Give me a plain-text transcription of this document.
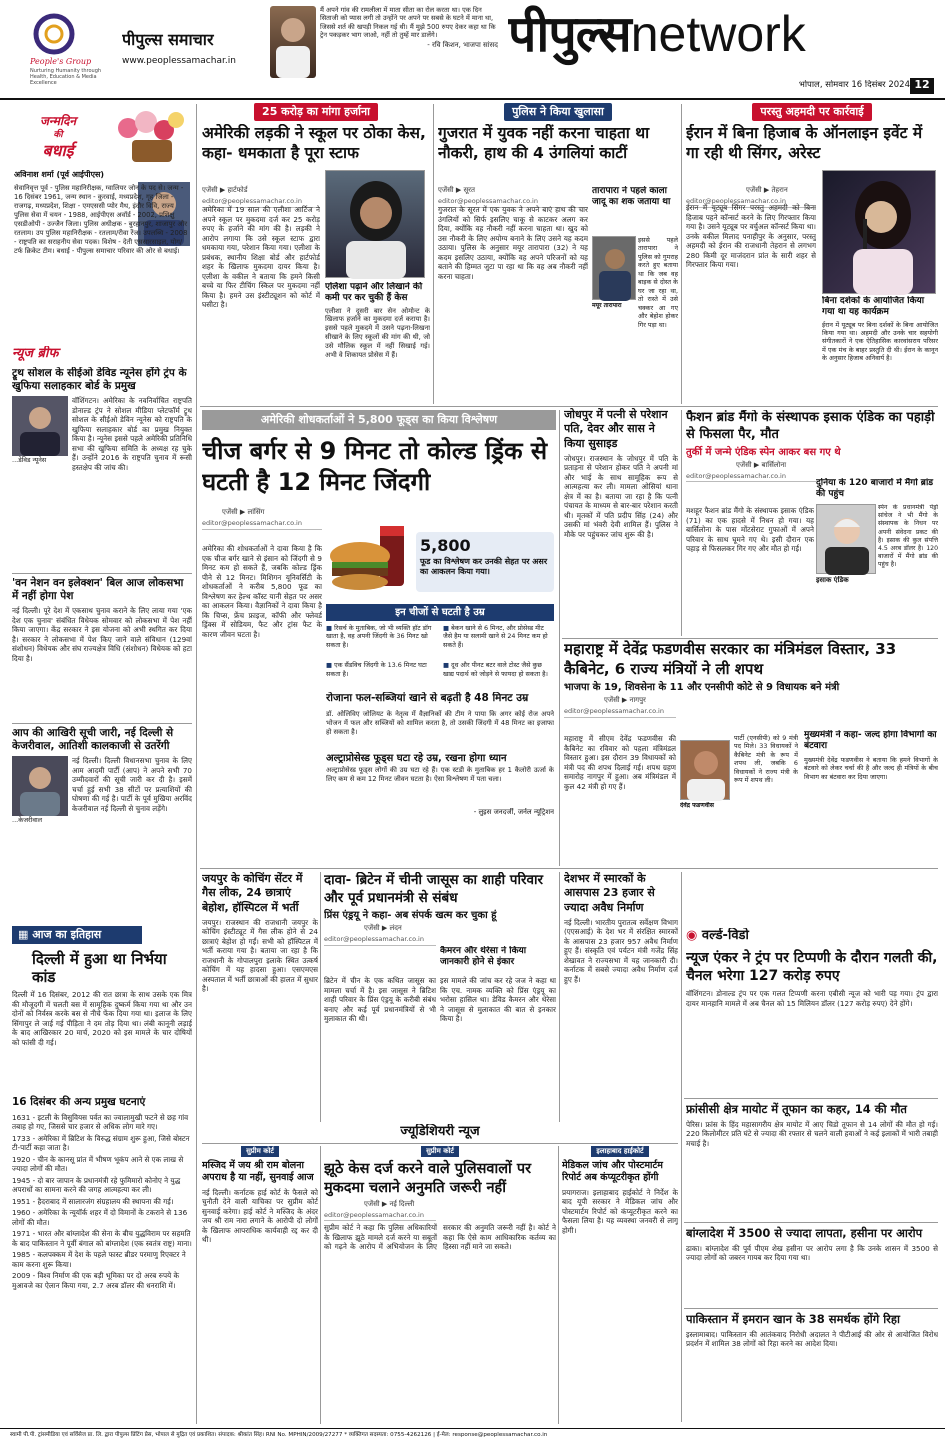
People's Group
Nurturing Humanity through Health, Education & Media Excellence
पीपुल्स समाचार
www.peoplessamachar.in
मैं अपने गांव की रामलीला में माता सीता का रोल करता था। एक दिन सिताजी को प्यास लगी तो उन्होंने पर अपने पर सबसे के घटने में माना था, जिससे शर्त की खपड़ी निकल गई थी। मैं मुझे 500 रुपए देकर कहा था कि ट्रेन पकड़कर भाग जाओ, नहीं तो तुम्हें मार डालेंगे।
- रवि किशन, भाजपा सांसद पीपुल्सnetwork
भोपाल, सोमवार 16 दिसंबर 2024 12
जन्मदिन
की
बधाई
अविनाश शर्मा (पूर्व आईपीएस)
सेवानिवृत्त पूर्व - पुलिस महानिरीक्षक, ग्वालियर जोन के पद से। जन्म - 16 दिसंबर 1961, जन्म स्थान - कुरवाई, मध्यप्रदेश, गृह जिला - राजगढ़, मध्यप्रदेश, शिक्षा - एमएससी प्योर मैथ, इंदौर विवि, राज्य पुलिस सेवा में चयन - 1988, आईपीएस अवॉर्ड - 2002, प्रशिक्षु एसडीओपी - उज्जैन जिला। पुलिस अधीक्षक - बुरहानपुर, शाजापुर और रतलाम। उप पुलिस महानिरीक्षक - रतलाम/रीवा रेंज। उपलब्धि - 2008 - राष्ट्रपति का सराहनीय सेवा पदक। विशेष - देती एससारसाइल, योग/ टर्फ क्रिकेट टीम। बधाई - पीपुल्स समाचार परिवार की ओर से बधाई।
न्यूज ब्रीफ
ट्रूथ सोशल के सीईओ डेविड न्यूनेस होंगे ट्रंप के खुफिया सलाहकार बोर्ड के प्रमुख
वॉशिंगटन। अमेरिका के नवनिर्वाचित राष्ट्रपति डोनाल्ड ट्रंप ने सोशल मीडिया प्लेटफॉर्म ट्रूथ सोशल के सीईओ डेविन न्यूनेस को राष्ट्रपति के खुफिया सलाहकार बोर्ड का प्रमुख नियुक्त किया है। न्यूनेस इससे पहले अमेरिकी प्रतिनिधि सभा की खुफिया समिति के अध्यक्ष रह चुके हैं। उन्होंने 2016 के राष्ट्रपति चुनाव में रूसी हस्तक्षेप की जांच की।
...डेविड न्यूनेस
'वन नेशन वन इलेक्शन' बिल आज लोकसभा में नहीं होगा पेश
नई दिल्ली। पूरे देश में एकसाथ चुनाव कराने के लिए लाया गया 'एक देश एक चुनाव' संबंधित विधेयक सोमवार को लोकसभा में पेश नहीं किया जाएगा। केंद्र सरकार ने इस योजना को अभी स्थगित कर दिया है। सरकार ने लोकसभा में पेश किए जाने वाले संविधान (129वां संशोधन) विधेयक और संघ राज्यक्षेत्र विधि (संशोधन) विधेयक को हटा दिया है।
आप की आखिरी सूची जारी, नई दिल्ली से केजरीवाल, आतिशी कालकाजी से उतरेंगी
...केजरीवाल
नई दिल्ली। दिल्ली विधानसभा चुनाव के लिए आम आदमी पार्टी (आप) ने अपने सभी 70 उम्मीदवारों की सूची जारी कर दी है। इसमें चर्चा हुई सभी 38 सीटों पर प्रत्याशियों की घोषणा की गई है। पार्टी के पूर्व मुखिया अरविंद केजरीवाल नई दिल्ली से चुनाव लड़ेंगे।
▦ आज का इतिहास
दिल्ली में हुआ था निर्भया कांड
दिल्ली में 16 दिसंबर, 2012 की रात छात्रा के साथ उसके एक मित्र की मौजूदगी में चलती बस में सामूहिक दुष्कर्म किया गया था और उन दोनों को निर्वस्त्र करके बस से नीचे फेंक दिया गया था। इलाज के लिए सिंगापुर ले जाई गई पीड़िता ने दम तोड़ दिया था। लंबी कानूनी लड़ाई के बाद आखिरकार 20 मार्च, 2020 को इस मामले के चार दोषियों को फांसी दी गई।
16 दिसंबर की अन्य प्रमुख घटनाएं
1631 - इटली के विसुवियस पर्वत का ज्वालामुखी फटने से छह गांव तबाह हो गए, जिससे चार हजार से अधिक लोग मारे गए।
1733 - अमेरिका में ब्रिटिश के विरुद्ध संग्राम शुरू हुआ, जिसे बोस्टन टी-पार्टी कहा जाता है।
1920 - चीन के कानसू प्रांत में भीषण भूकंप आने से एक लाख से ज्यादा लोगों की मौत।
1945 - दो बार जापान के प्रधानमंत्री रहे फुमिमारो कोनोए ने युद्ध अपराधों का सामना करने की जगह आत्महत्या कर ली।
1951 - हैदराबाद में सालारजंग संग्रहालय की स्थापना की गई।
1960 - अमेरिका के न्यूयॉर्क शहर में दो विमानों के टकराने से 136 लोगों की मौत।
1971 - भारत और बांग्लादेश की सेना के बीच युद्धविराम पर सहमति के बाद पाकिस्तान ने पूर्वी बंगाल को बांग्लादेश (एक स्वतंत्र राष्ट्र) माना।
1985 - कलपक्कम में देश के पहले फास्ट ब्रीडर परमाणु रिएक्टर ने काम करना शुरू किया।
2009 - विश्व निर्माण की एक बड़ी भूमिका पर दो अरब रुपये के मुआवजे का ऐलान किया गया, 2.7 अरब डॉलर की धनराशि में।
25 करोड़ का मांगा हर्जाना
अमेरिकी लड़की ने स्कूल पर ठोका केस, कहा- धमकाता है पूरा स्टाफ
एजेंसी ▶ हार्टफोर्ड
editor@peoplessamachar.co.in
अमेरिका में 19 साल की एलीशा आर्टिज ने अपने स्कूल पर मुकदमा दर्ज कर 25 करोड़ रुपए के हर्जाने की मांग की है। लड़की ने आरोप लगाया कि उसे स्कूल स्टाफ द्वारा धमकाया गया, परेशान किया गया। एलीशा के प्रबंधक, स्थानीय शिक्षा बोर्ड और हार्टफोर्ड शहर के खिलाफ मुकदमा दायर किया है। एलीशा के वकील ने बताया कि हमने किसी बच्चे या फिर टीचिंग स्किल पर मुकदमा नहीं किया है। हमने उस इंस्टीट्यूशन को कोर्ट में घसीटा है।
एलिशा पढ़ाने और लिखाने की कमी पर कर चुकी हैं केस
एलीशा ने दूसरी बार सेन ओमोन्ट के खिलाफ हर्जाने का मुकदमा दर्ज कराया है। इससे पहले मुकदमे में उसने पढ़ना-लिखना सीखाने के लिए स्कूलों की मांग की थी, जो उसे मौलिक स्कूल में नहीं सिखाई गई। अभी वे शिकायत प्रोसेस में हैं।
पुलिस ने किया खुलासा
गुजरात में युवक नहीं करना चाहता था नौकरी, हाथ की 4 उंगलियां काटीं
एजेंसी ▶ सूरत
editor@peoplessamachar.co.in
गुजरात के सूरत में एक युवक ने अपने बाएं हाथ की चार उंगलियों को सिर्फ इसलिए चाकू से काटकर अलग कर दिया, क्योंकि वह नौकरी नहीं करना चाहता था। खुद को उस नौकरी के लिए अयोग्य बनाने के लिए उसने यह कदम उठाया। पुलिस के अनुसार मयूर तारापारा (32) ने यह कदम इसलिए उठाया, क्योंकि वह अपने परिजनों को यह बताने की हिम्मत जुटा पा रहा था कि वह अब नौकरी नहीं करना चाहता।
तारापारा ने पहले काला जादू का शक जताया था
इससे पहले तारापारा ने पुलिस को गुमराह करते हुए बताया था कि जब वह बाइक से दोस्त के घर जा रहा था, तो रास्ते में उसे चक्कर आ गए और बेहोश होकर गिर पड़ा था।
मयूर तारापारा
परस्तु अहमदी पर कार्रवाई
ईरान में बिना हिजाब के ऑनलाइन इवेंट में गा रही थी सिंगर, अरेस्ट
एजेंसी ▶ तेहरान
editor@peoplessamachar.co.in
ईरान में यूट्यूब सिंगर परस्तु अहमदी को बिना हिजाब पहने कॉन्सर्ट करने के लिए गिरफ्तार किया गया है। उसने यूट्यूब पर वर्चुअल कॉन्सर्ट किया था। उनके वकील मिलाद पनाहीपुर के अनुसार, परस्तु अहमदी को ईरान की राजधानी तेहरान से लगभग 280 किमी दूर माजंदरान प्रांत के सारी शहर से गिरफ्तार किया गया।
बिना दर्शकों के आयोजित किया गया था यह कार्यक्रम
ईरान में यूट्यूब पर बिना दर्शकों के बिना आयोजित किया गया था। अहमदी और उनके चार सहयोगी संगीतकारों ने एक ऐतिहासिक कारवांसराय परिसर में एक मंच के बाहर प्रस्तुति दी थी। ईरान के कानून के अनुसार हिजाब अनिवार्य है।
अमेरिकी शोधकर्ताओं ने 5,800 फूड्स का किया विश्लेषण
चीज बर्गर से 9 मिनट तो कोल्ड ड्रिंक से घटती है 12 मिनट जिंदगी
एजेंसी ▶ लांसिंग
editor@peoplessamachar.co.in
अमेरिका की शोधकर्ताओं ने दावा किया है कि एक चीज बर्गर खाने से इंसान को जिंदगी से 9 मिनट कम हो सकते हैं, जबकि कोल्ड ड्रिंक पीने से 12 मिनट। मिशिगन यूनिवर्सिटी के शोधकर्ताओं ने करीब 5,800 फूड का विश्लेषण कर हेल्थ कॉस्ट यानी सेहत पर असर का आकलन किया। वैज्ञानिकों ने दावा किया है कि चिप्स, फ्रेंच फ्राइज, कॉफी और फ्लेवर्ड ड्रिंक्स में सोडियम, फैट और ट्रांस फैट के कारण जीवन घटता है।
5,800
फूड का विश्लेषण कर उनकी सेहत पर असर का आकलन किया गया।
इन चीजों से घटती है उम्र
■ रिसर्च के मुताबिक, जो भी व्यक्ति हॉट डॉग खाता है, वह अपनी जिंदगी के 36 मिनट खो सकता है।
■ बेकन खाने से 6 मिनट, और प्रोसेस्ड मीट जैसे हैम या सलामी खाने से 24 मिनट कम हो सकते हैं।
■ एक सैंडविच जिंदगी के 13.6 मिनट घटा सकता है।
■ दूध और पीनट बटर वाले टोस्ट जैसे कुछ खाद्य पदार्थ को जोड़ने से फायदा हो सकता है।
रोजाना फल-सब्जियां खाने से बढ़ती है 48 मिनट उम्र
डॉ. ओलिविए जोलियट के नेतृत्व में वैज्ञानिकों की टीम ने पाया कि अगर कोई रोज अपने भोजन में फल और सब्जियों को शामिल करता है, तो उसकी जिंदगी में 48 मिनट का इजाफा हो सकता है।
अल्ट्राप्रोसेस्ड फूड्स घटा रहे उम्र, रखना होगा ध्यान
अल्ट्राप्रोसेस्ड फूड्स लोगों की उम्र घटा रहे हैं। एक स्टडी के मुताबिक हर 1 कैलोरी ऊर्जा के लिए कम से कम 12 मिनट जीवन घटता है। ऐसा विश्लेषण में पता चला।
- लुइस जनदर्जी, जर्नल न्यूट्रिशन
जोधपुर में पत्नी से परेशान पति, देवर और सास ने किया सुसाइड
जोधपुर। राजस्थान के जोधपुर में पति के प्रताड़ना से परेशान होकर पति ने अपनी मां और भाई के साथ सामूहिक रूप से आत्महत्या कर ली। मामला ओसियां थाना क्षेत्र में का है। बताया जा रहा है कि पत्नी पंचायत के माध्यम से बार-बार परेशान करती थी। मृतकों में पति प्रदीप सिंह (24) और उसकी मां भंवरी देवी शामिल हैं। पुलिस ने मौके पर पहुंचकर जांच शुरू की है।
फैशन ब्रांड मैंगो के संस्थापक इसाक एंडिक का पहाड़ी से फिसला पैर, मौत
तुर्की में जन्मे एंडिक स्पेन आकर बस गए थे
एजेंसी ▶ बार्सिलोना
editor@peoplessamachar.co.in
मशहूर फैशन ब्रांड मैंगो के संस्थापक इसाक एंडिक (71) का एक हादसे में निधन हो गया। यह बार्सिलोना के पास मोंटसेराट गुफाओं में अपने परिवार के साथ घूमने गए थे। इसी दौरान एक पहाड़ से फिसलकर गिर गए और मौत हो गई।
दुनिया के 120 बाजारों में मैंगो ब्रांड की पहुंच
इसाक एंडिक
स्पेन के प्रधानमंत्री पेड्रो सांचेज ने भी मैंगो के संस्थापक के निधन पर अपनी संवेदना प्रकट की है। इसाक की कुल संपत्ति 4.5 अरब डॉलर है। 120 बाजारों में मैंगो ब्रांड की पहुंच है।
महाराष्ट्र में देवेंद्र फडणवीस सरकार का मंत्रिमंडल विस्तार, 33 कैबिनेट, 6 राज्य मंत्रियों ने ली शपथ
भाजपा के 19, शिवसेना के 11 और एनसीपी कोटे से 9 विधायक बने मंत्री
एजेंसी ▶ नागपुर
editor@peoplessamachar.co.in
महाराष्ट्र में सीएम देवेंद्र फडणवीस की कैबिनेट का रविवार को पहला मंत्रिमंडल विस्तार हुआ। इस दौरान 39 विधायकों को मंत्री पद की शपथ दिलाई गई। शपथ ग्रहण समारोह नागपुर में हुआ। अब मंत्रिमंडल में कुल 42 मंत्री हो गए हैं।
देवेंद्र फडणवीस
पार्टी (एनसीपी) को 9 मंत्री पद मिले। 33 विधायकों ने कैबिनेट मंत्री के रूप में शपथ ली, जबकि 6 विधायकों ने राज्य मंत्री के रूप में शपथ ली।
मुख्यमंत्री ने कहा- जल्द होगा विभागों का बंटवारा
मुख्यमंत्री देवेंद्र फडणवीस ने बताया कि हमने विभागों के बंटवारे को लेकर चर्चा की है और जल्द ही मंत्रियों के बीच विभाग का बंटवारा कर दिया जाएगा।
जयपुर के कोचिंग सेंटर में गैस लीक, 24 छात्राएं बेहोश, हॉस्पिटल में भर्ती
जयपुर। राजस्थान की राजधानी जयपुर के कोचिंग इंस्टीट्यूट में गैस लीक होने से 24 छात्राएं बेहोश हो गईं। सभी को हॉस्पिटल में भर्ती कराया गया है। बताया जा रहा है कि राजधानी के गोपालपुरा इलाके स्थित उत्कर्ष कोचिंग में यह हादसा हुआ। एसएमएस अस्पताल में भर्ती छात्राओं की हालत में सुधार है।
दावा- ब्रिटेन में चीनी जासूस का शाही परिवार और पूर्व प्रधानमंत्री से संबंध
प्रिंस एंड्रयू ने कहा- अब संपर्क खत्म कर चुका हूं
एजेंसी ▶ लंदन
editor@peoplessamachar.co.in
ब्रिटेन में चीन के एक कथित जासूस का मामला चर्चा में है। इस जासूस ने ब्रिटिश शाही परिवार के प्रिंस एंड्रयू के करीबी संबंध बनाए और कई पूर्व प्रधानमंत्रियों से भी मुलाकात की थी।
कैमरन और थेरेसा ने किया जानकारी होने से इंकार
इस मामले की जांच कर रहे जज ने कहा था कि एच. नामक व्यक्ति को प्रिंस एंड्रयू का भरोसा हासिल था। डेविड कैमरन और थेरेसा ने जासूस से मुलाकात की बात से इनकार किया है।
देशभर में स्मारकों के आसपास 23 हजार से ज्यादा अवैध निर्माण
नई दिल्ली। भारतीय पुरातत्व सर्वेक्षण विभाग (एएसआई) के देश भर में संरक्षित स्मारकों के आसपास 23 हजार 957 अवैध निर्माण हुए हैं। संस्कृति एवं पर्यटन मंत्री गजेंद्र सिंह शेखावत ने राज्यसभा में यह जानकारी दी। कर्नाटक में सबसे ज्यादा अवैध निर्माण दर्ज हुए हैं।
◉ वर्ल्ड-विडो
न्यूज एंकर ने ट्रंप पर टिप्पणी के दौरान गलती की, चैनल भरेगा 127 करोड़ रुपए
वॉशिंगटन। डोनाल्ड ट्रंप पर एक गलत टिप्पणी करना एबीसी न्यूज को भारी पड़ गया। ट्रंप द्वारा दायर मानहानि मामले में अब चैनल को 15 मिलियन डॉलर (127 करोड़ रुपए) देने होंगे।
फ्रांसीसी क्षेत्र मायोट में तूफान का कहर, 14 की मौत
पेरिस। फ्रांस के हिंद महासागरीय क्षेत्र मायोट में आए चिडो तूफान से 14 लोगों की मौत हो गई। 220 किलोमीटर प्रति घंटे से ज्यादा की रफ्तार से चलने वाली हवाओं ने कई इलाकों में भारी तबाही मचाई है।
बांग्लादेश में 3500 से ज्यादा लापता, हसीना पर आरोप
ढाका। बांग्लादेश की पूर्व पीएम शेख हसीना पर आरोप लगा है कि उनके शासन में 3500 से ज्यादा लोगों को जबरन गायब कर दिया गया था।
पाकिस्तान में इमरान खान के 38 समर्थक होंगे रिहा
इस्लामाबाद। पाकिस्तान की आतंकवाद निरोधी अदालत ने पीटीआई की ओर से आयोजित विरोध प्रदर्शन में शामिल 38 लोगों को रिहा करने का आदेश दिया।
ज्यूडिशियरी न्यूज
सुप्रीम कोर्ट
मस्जिद में जय श्री राम बोलना अपराध है या नहीं, सुनवाई आज
नई दिल्ली। कर्नाटक हाई कोर्ट के फैसले को चुनौती देने वाली याचिका पर सुप्रीम कोर्ट सुनवाई करेगा। हाई कोर्ट ने मस्जिद के अंदर जय श्री राम नारा लगाने के आरोपी दो लोगों के खिलाफ आपराधिक कार्यवाही रद्द कर दी थी।
सुप्रीम कोर्ट
झूठे केस दर्ज करने वाले पुलिसवालों पर मुकदमा चलाने अनुमति जरूरी नहीं
एजेंसी ▶ नई दिल्ली
editor@peoplessamachar.co.in
सुप्रीम कोर्ट ने कहा कि पुलिस अधिकारियों के खिलाफ झूठे मामले दर्ज करने या सबूतों को गढ़ने के आरोप में अभियोजन के लिए सरकार की अनुमति जरूरी नहीं है। कोर्ट ने कहा कि ऐसे काम आधिकारिक कर्तव्य का हिस्सा नहीं माने जा सकते।
इलाहाबाद हाईकोर्ट
मेडिकल जांच और पोस्टमार्टम रिपोर्ट अब कंप्यूटरीकृत होंगी
प्रयागराज। इलाहाबाद हाईकोर्ट ने निर्देश के बाद यूपी सरकार ने मेडिकल जांच और पोस्टमार्टम रिपोर्ट को कंप्यूटरीकृत करने का फैसला लिया है। यह व्यवस्था जनवरी से लागू होगी।
स्वामी पी.पी. ट्रांसमीडिया एवं सर्विसेज प्रा. लि. द्वारा पीपुल्स प्रिंटिंग प्रेस, भोपाल से मुद्रित एवं प्रकाशित। संपादक: श्रीकांत सिंह। RNI No. MPHIN/2009/27277 * व्यक्तिगत सदस्यता: 0755-4262126 | ई-मेल: response@peoplessamachar.co.in
